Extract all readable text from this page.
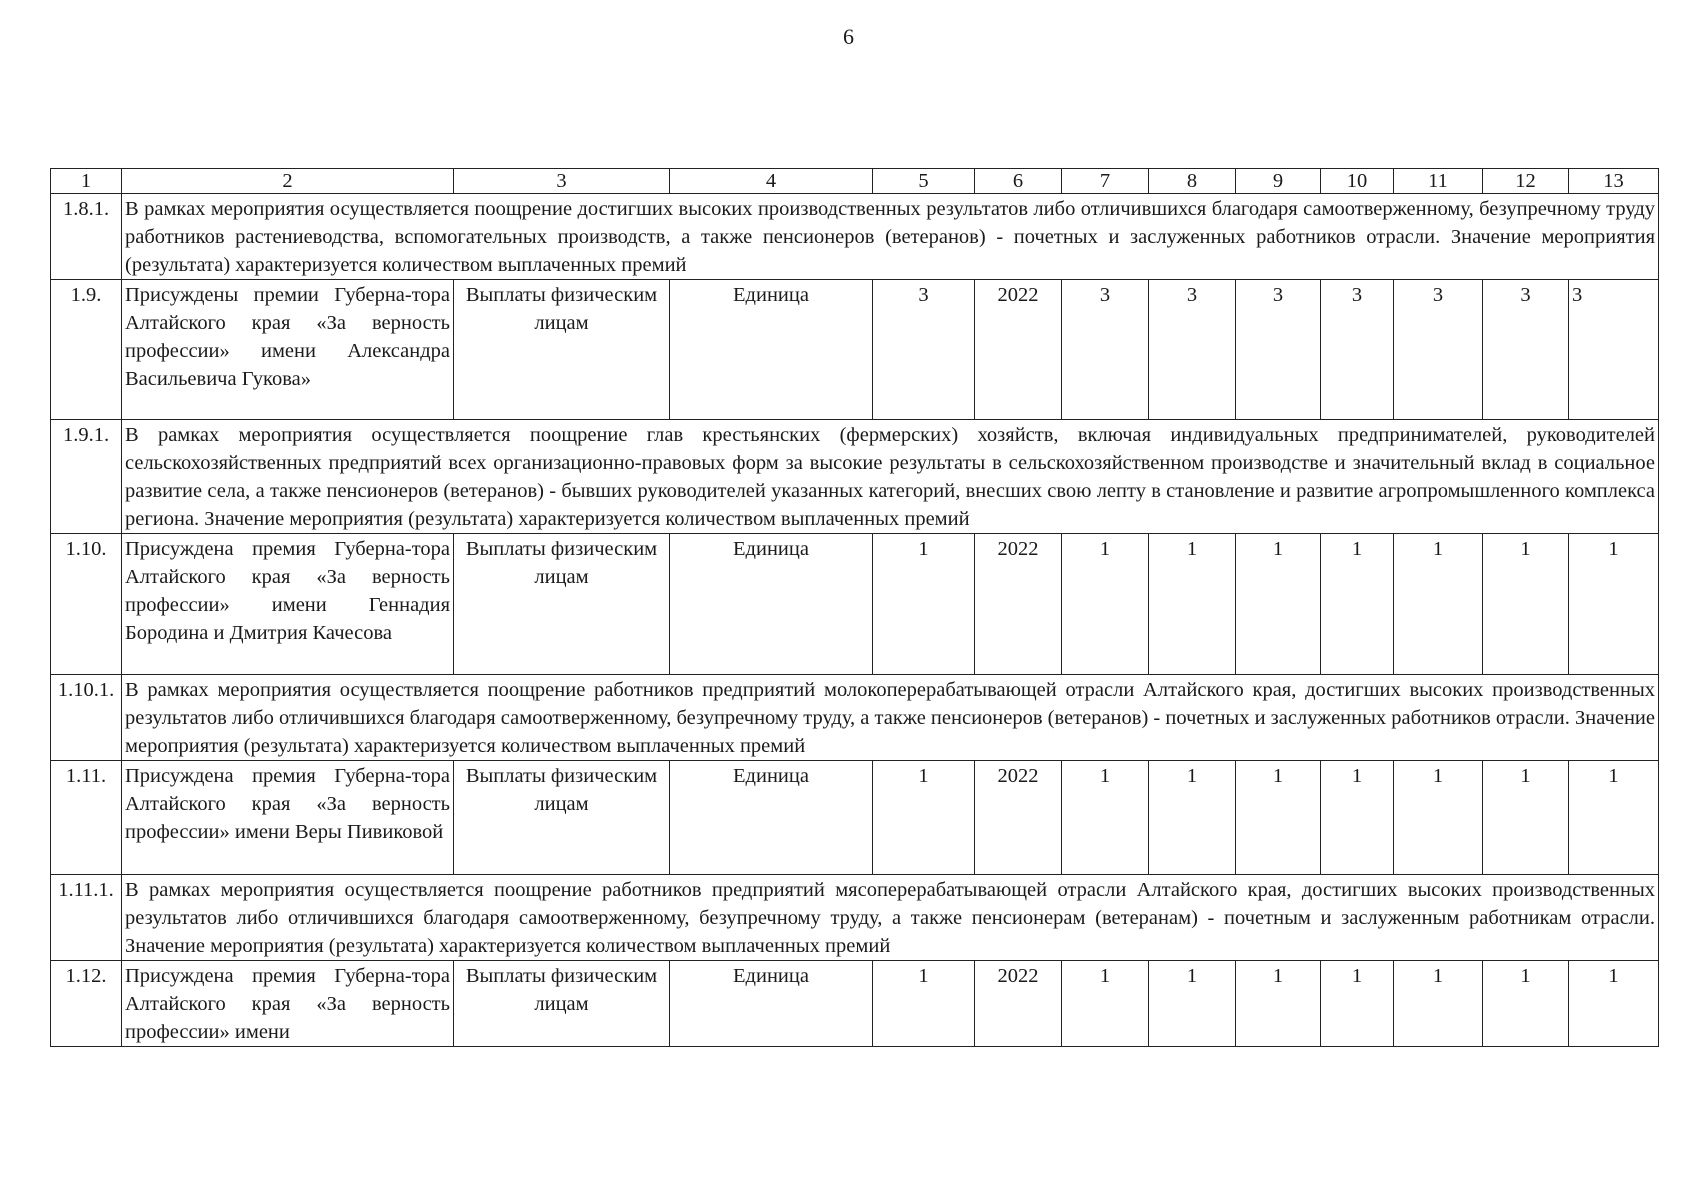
6
1	2	3	4	5	6	7	8	9	10	11	12	13
1.8.1.	В рамках мероприятия осуществляется поощрение достигших высоких производственных результатов либо отличившихся благодаря самоотверженному, безупречному труду работников растениеводства, вспомогательных производств, а также пенсионеров (ветеранов) - почетных и заслуженных работников отрасли. Значение мероприятия (результата) характеризуется количеством выплаченных премий											
1.9.	Присуждены премии Губерна-тора Алтайского края «За верность профессии» имени Александра Васильевича Гукова»	Выплаты физическим лицам	Единица	3	2022	3	3	3	3	3	3	3
1.9.1.	В рамках мероприятия осуществляется поощрение глав крестьянских (фермерских) хозяйств, включая индивидуальных предпринимателей, руководителей сельскохозяйственных предприятий всех организационно-правовых форм за высокие результаты в сельскохозяйственном производстве и значительный вклад в социальное развитие села, а также пенсионеров (ветеранов) - бывших руководителей указанных категорий, внесших свою лепту в становление и развитие агропромышленного комплекса региона. Значение мероприятия (результата) характеризуется количеством выплаченных премий											
1.10.	Присуждена премия Губерна-тора Алтайского края «За верность профессии» имени Геннадия Бородина и Дмитрия Качесова	Выплаты физическим лицам	Единица	1	2022	1	1	1	1	1	1	1
1.10.1.	В рамках мероприятия осуществляется поощрение работников предприятий молокоперерабатывающей отрасли Алтайского края, достигших высоких производственных результатов либо отличившихся благодаря самоотверженному, безупречному труду, а также пенсионеров (ветеранов) - почетных и заслуженных работников отрасли. Значение мероприятия (результата) характеризуется количеством выплаченных премий											
1.11.	Присуждена премия Губерна-тора Алтайского края «За верность профессии» имени Веры Пивиковой	Выплаты физическим лицам	Единица	1	2022	1	1	1	1	1	1	1
1.11.1.	В рамках мероприятия осуществляется поощрение работников предприятий мясоперерабатывающей отрасли Алтайского края, достигших высоких производственных результатов либо отличившихся благодаря самоотверженному, безупречному труду, а также пенсионерам (ветеранам) - почетным и заслуженным работникам отрасли. Значение мероприятия (результата) характеризуется количеством выплаченных премий											
1.12.	Присуждена премия Губерна-тора Алтайского края «За верность профессии» имени	Выплаты физическим лицам	Единица	1	2022	1	1	1	1	1	1	1
